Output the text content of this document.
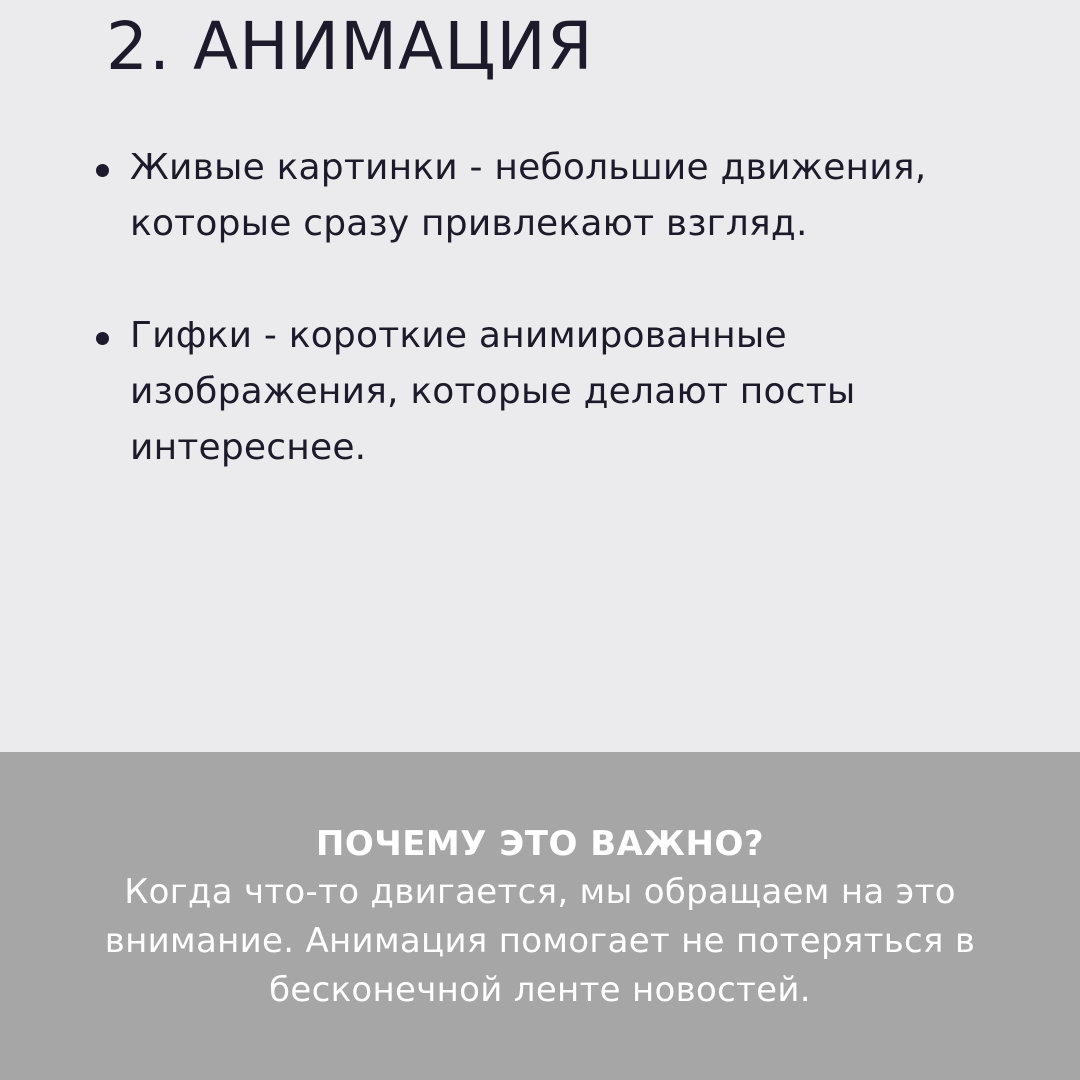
2. АНИМАЦИЯ
Живые картинки - небольшие движения, которые сразу привлекают взгляд.
Гифки - короткие анимированные изображения, которые делают посты интереснее.
ПОЧЕМУ ЭТО ВАЖНО?

Когда что-то двигается, мы обращаем на это внимание. Анимация помогает не потеряться в бесконечной ленте новостей.
